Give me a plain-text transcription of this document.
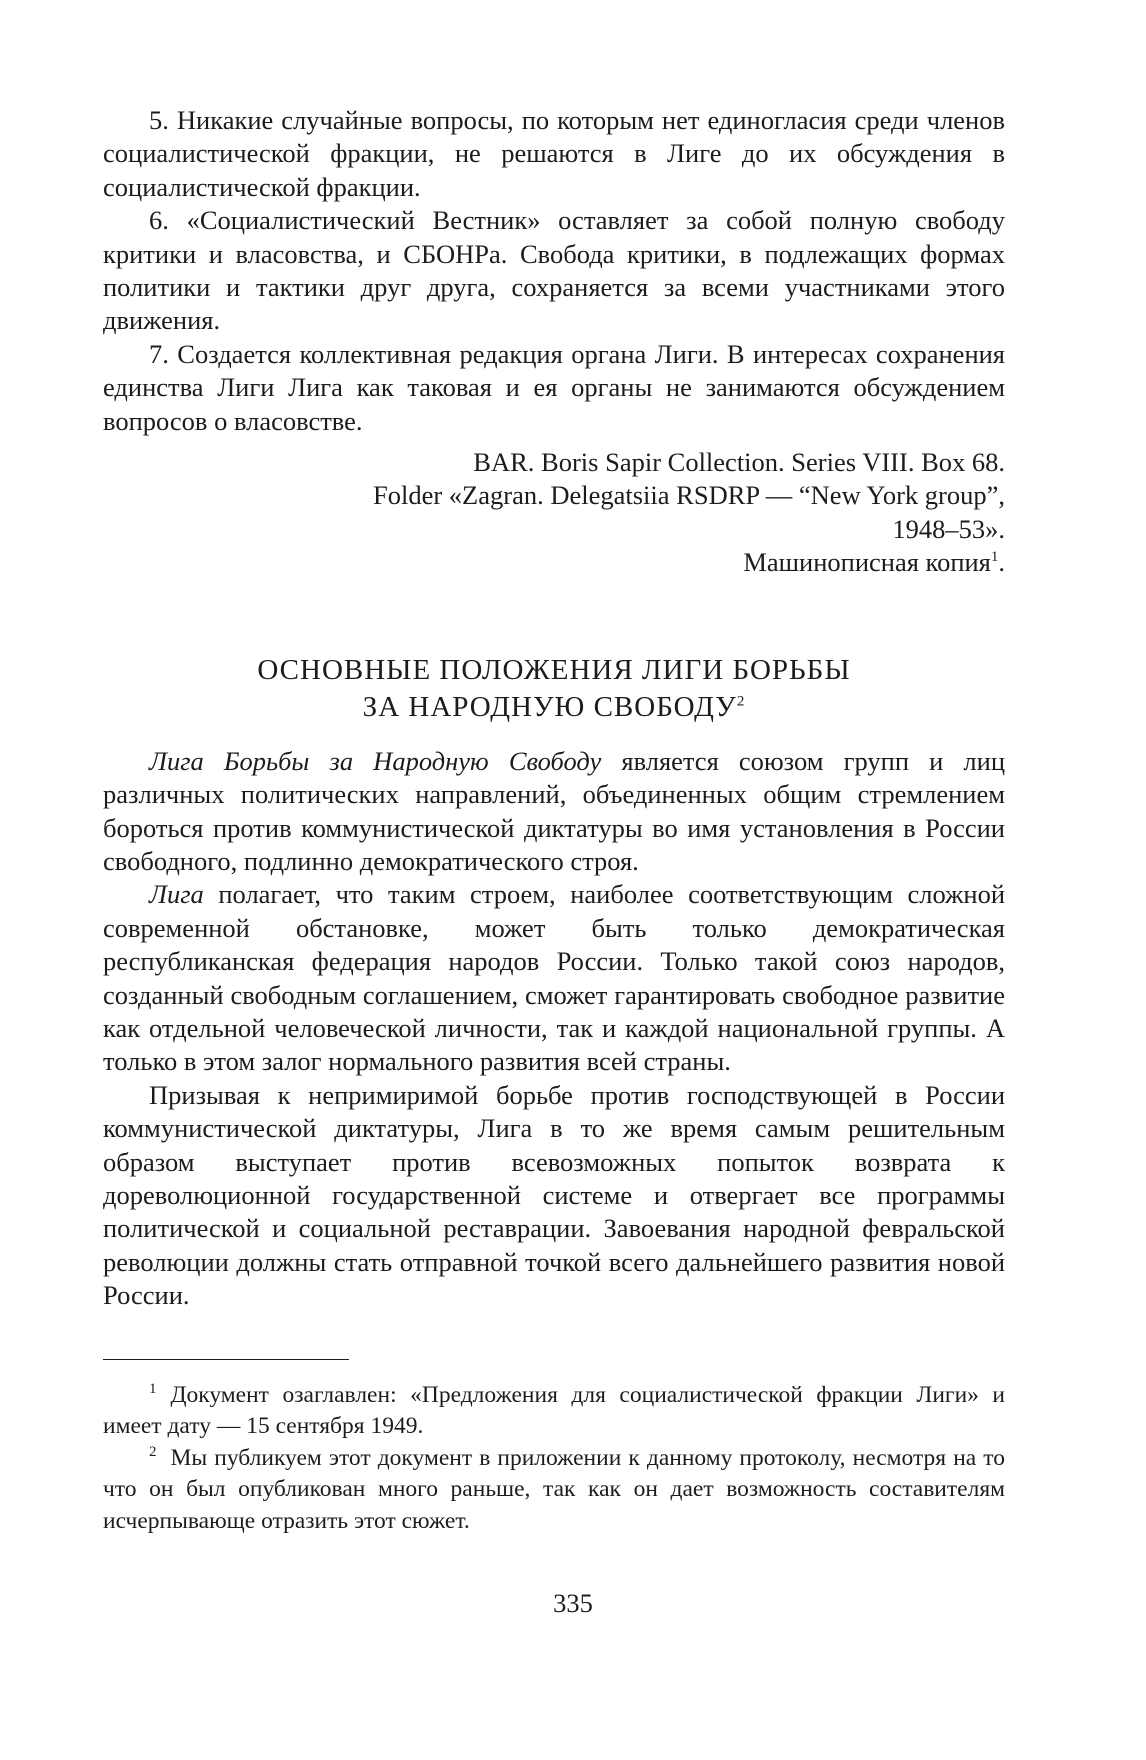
5. Никакие случайные вопросы, по которым нет единогласия среди членов социалистической фракции, не решаются в Лиге до их обсуждения в социалистической фракции.

6. «Социалистический Вестник» оставляет за собой полную свободу критики и власовства, и СБОНРа. Свобода критики, в подлежащих формах политики и тактики друг друга, сохраняется за всеми участниками этого движения.

7. Создается коллективная редакция органа Лиги. В интересах сохранения единства Лиги Лига как таковая и ея органы не занимаются обсуждением вопросов о власовстве.

BAR. Boris Sapir Collection. Series VIII. Box 68.
Folder «Zagran. Delegatsiia RSDRP — “New York group”,
1948–53».
Машинописная копия$^1$.
ОСНОВНЫЕ ПОЛОЖЕНИЯ ЛИГИ БОРЬБЫ
ЗА НАРОДНУЮ СВОБОДУ$^2$

Лига Борьбы за Народную Свободу является союзом групп и лиц различных политических направлений, объединенных общим стремлением бороться против коммунистической диктатуры во имя установления в России свободного, подлинно демократического строя.

Лига полагает, что таким строем, наиболее соответствующим сложной современной обстановке, может быть только демократическая республиканская федерация народов России. Только такой союз народов, созданный свободным соглашением, сможет гарантировать свободное развитие как отдельной человеческой личности, так и каждой национальной группы. А только в этом залог нормального развития всей страны.

Призывая к непримиримой борьбе против господствующей в России коммунистической диктатуры, Лига в то же время самым решительным образом выступает против всевозможных попыток возврата к дореволюционной государственной системе и отвергает все программы политической и социальной реставрации. Завоевания народной февральской революции должны стать отправной точкой всего дальнейшего развития новой России.

$^1$ Документ озаглавлен: «Предложения для социалистической фракции Лиги» и имеет дату — 15 сентября 1949.

$^2$ Мы публикуем этот документ в приложении к данному протоколу, несмотря на то что он был опубликован много раньше, так как он дает возможность составителям исчерпывающе отразить этот сюжет.

335
